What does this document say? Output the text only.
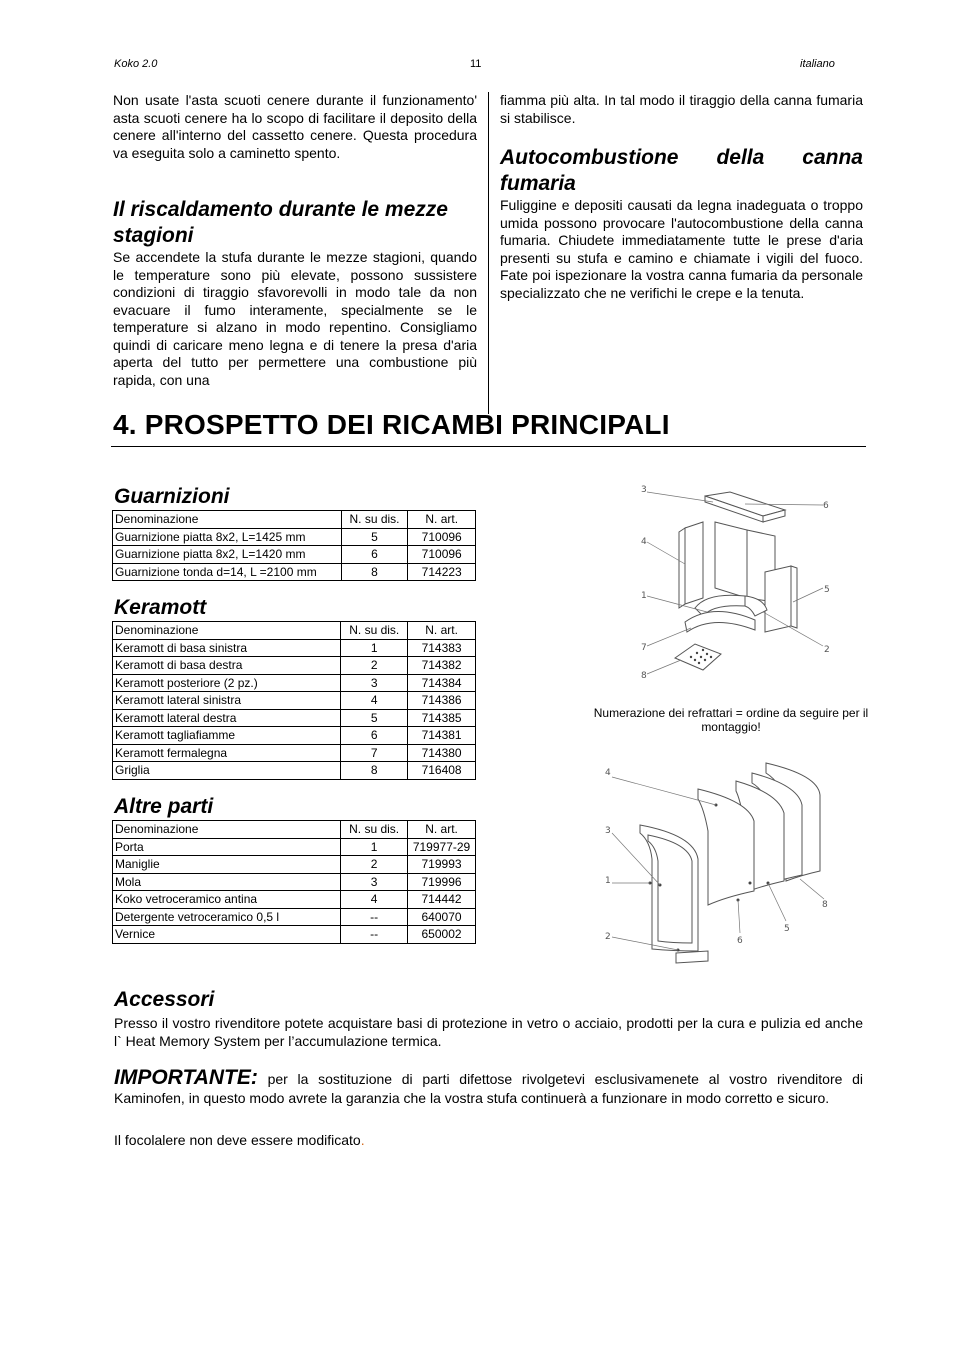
Koko 2.0	11	italiano
Non usate l'asta scuoti cenere durante il funzionamento' asta scuoti cenere ha lo scopo di facilitare il deposito della cenere all'interno del cassetto cenere. Questa procedura va eseguita solo a caminetto spento.
Il riscaldamento durante le mezze stagioni
Se accendete la stufa durante le mezze stagioni, quando le temperature sono più elevate, possono sussistere condizioni di tiraggio sfavorevolli in modo tale da non evacuare il fumo interamente, specialmente se le temperature si alzano in modo repentino. Consigliamo quindi di caricare meno legna e di tenere la presa d'aria aperta del tutto per permettere una combustione più rapida, con una
fiamma più alta. In tal modo il tiraggio della canna fumaria si stabilisce.
Autocombustione della canna fumaria
Fuliggine e depositi causati da legna inadeguata o troppo umida possono provocare l'autocombustione della canna fumaria. Chiudete immediatamente tutte le prese d'aria presenti su stufa e camino e chiamate i vigili del fuoco. Fate poi ispezionare la vostra canna fumaria da personale specializzato che ne verifichi le crepe e la tenuta.
4. PROSPETTO DEI RICAMBI PRINCIPALI
Guarnizioni
Denominazione	N. su dis.	N. art.
Guarnizione piatta 8x2, L=1425 mm	5	710096
Guarnizione piatta 8x2, L=1420 mm	6	710096
Guarnizione tonda d=14, L =2100 mm	8	714223
Keramott
Denominazione	N. su dis.	N. art.
Keramott di basa sinistra	1	714383
Keramott di basa destra	2	714382
Keramott posteriore (2 pz.)	3	714384
Keramott lateral sinistra	4	714386
Keramott lateral destra	5	714385
Keramott tagliafiamme	6	714381
Keramott fermalegna	7	714380
Griglia	8	716408
Altre parti
Denominazione	N. su dis.	N. art.
Porta	1	719977-29
Maniglie	2	719993
Mola	3	719996
Koko vetroceramico antina	4	714442
Detergente vetroceramico 0,5 l	--	640070
Vernice	--	650002
3
6
4
1
5
7	2
8
Numerazione dei refrattari = ordine da seguire per il montaggio!
4
3
1
2	6
5
8
Accessori
Presso il vostro rivenditore potete acquistare basi di protezione in vetro o acciaio, prodotti per la cura e pulizia ed anche l` Heat Memory System per l’accumulazione termica.
IMPORTANTE: per la sostituzione di parti difettose rivolgetevi esclusivamenete al vostro rivenditore di Kaminofen, in questo modo avrete la garanzia che la vostra stufa continuerà a funzionare in modo corretto e sicuro.
Il focolalere non deve essere modificato.
